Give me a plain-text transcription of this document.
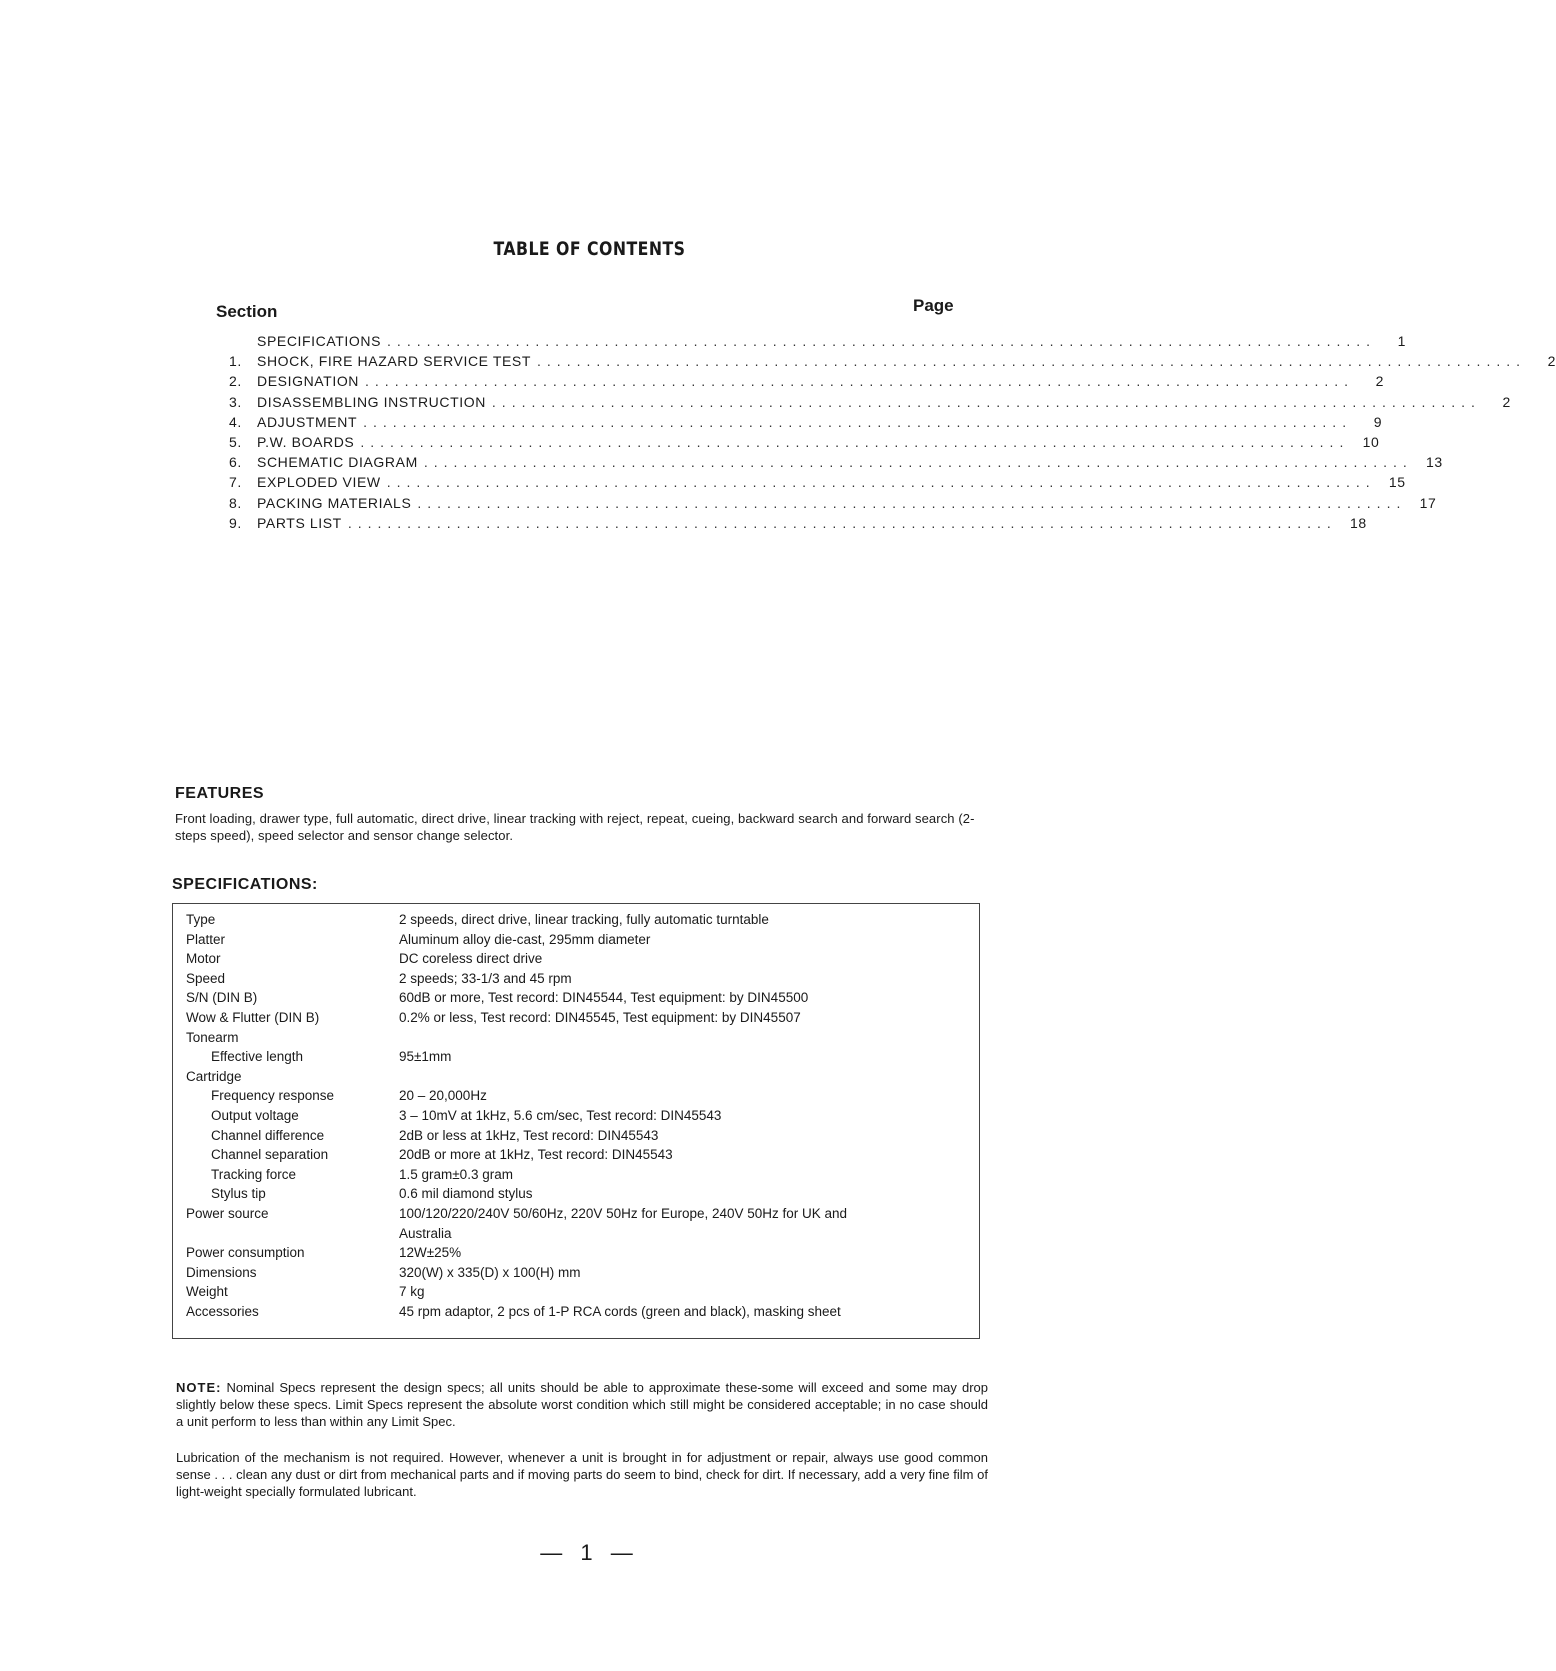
TABLE OF CONTENTS
Section	Page
SPECIFICATIONS ....................................................................................................	1
1.	SHOCK, FIRE HAZARD SERVICE TEST ....................................................................................................	2
2.	DESIGNATION ....................................................................................................	2
3.	DISASSEMBLING INSTRUCTION ....................................................................................................	2
4.	ADJUSTMENT ....................................................................................................	9
5.	P.W. BOARDS .................................................................................................... 10
6.	SCHEMATIC DIAGRAM .................................................................................................... 13
7.	EXPLODED VIEW .................................................................................................... 15
8.	PACKING MATERIALS .................................................................................................... 17
9.	PARTS LIST .................................................................................................... 18
FEATURES
Front loading, drawer type, full automatic, direct drive, linear tracking with reject, repeat, cueing, backward search and forward search (2-steps speed), speed selector and sensor change selector.
SPECIFICATIONS:
Type	2 speeds, direct drive, linear tracking, fully automatic turntable
Platter	Aluminum alloy die-cast, 295mm diameter
Motor	DC coreless direct drive
Speed	2 speeds; 33-1/3 and 45 rpm
S/N (DIN B)	60dB or more, Test record: DIN45544, Test equipment: by DIN45500
Wow & Flutter (DIN B)	0.2% or less, Test record: DIN45545, Test equipment: by DIN45507
Tonearm
Effective length	95±1mm
Cartridge
Frequency response	20 – 20,000Hz
Output voltage	3 – 10mV at 1kHz, 5.6 cm/sec, Test record: DIN45543
Channel difference	2dB or less at 1kHz, Test record: DIN45543
Channel separation	20dB or more at 1kHz, Test record: DIN45543
Tracking force	1.5 gram±0.3 gram
Stylus tip	0.6 mil diamond stylus
Power source	100/120/220/240V 50/60Hz, 220V 50Hz for Europe, 240V 50Hz for UK and
Australia
Power consumption	12W±25%
Dimensions	320(W) x 335(D) x 100(H) mm
Weight	7 kg
Accessories	45 rpm adaptor, 2 pcs of 1-P RCA cords (green and black), masking sheet
NOTE: Nominal Specs represent the design specs; all units should be able to approximate these-some will exceed and some may drop slightly below these specs. Limit Specs represent the absolute worst condition which still might be considered acceptable; in no case should a unit perform to less than within any Limit Spec.
Lubrication of the mechanism is not required. However, whenever a unit is brought in for adjustment or repair, always use good common sense . . . clean any dust or dirt from mechanical parts and if moving parts do seem to bind, check for dirt. If necessary, add a very fine film of light-weight specially formulated lubricant.
— 1 —
